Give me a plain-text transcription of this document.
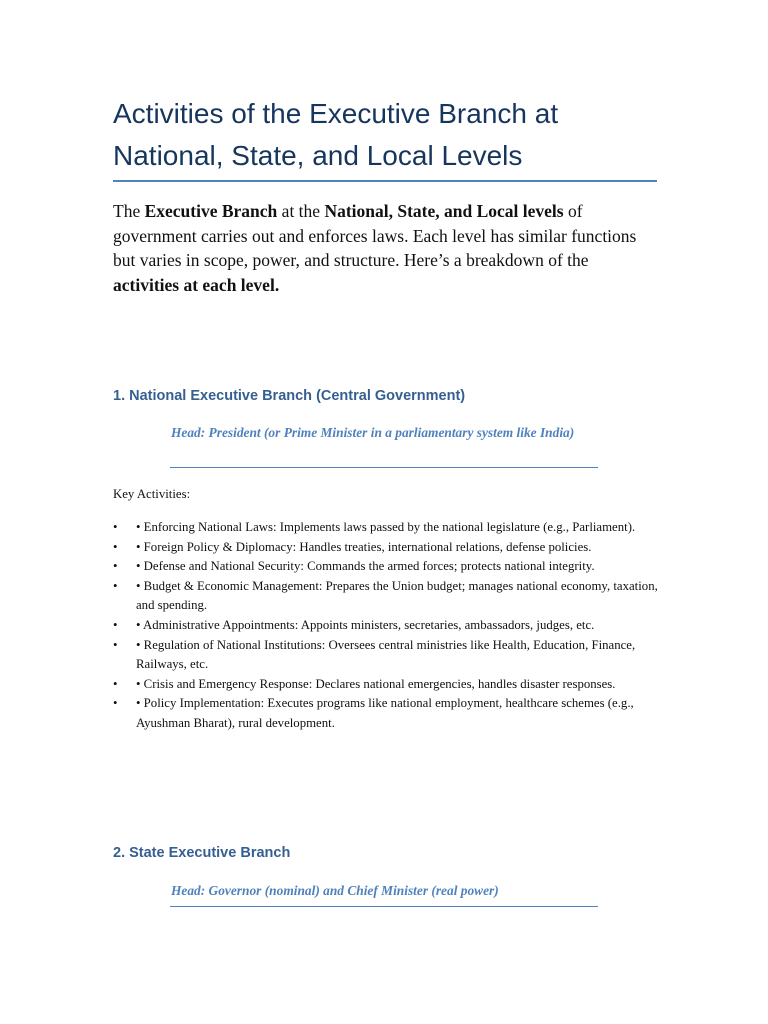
Activities of the Executive Branch at National, State, and Local Levels

The Executive Branch at the National, State, and Local levels of government carries out and enforces laws. Each level has similar functions but varies in scope, power, and structure. Here’s a breakdown of the activities at each level.

1. National Executive Branch (Central Government)

Head: President (or Prime Minister in a parliamentary system like India)

Key Activities:

• • Enforcing National Laws: Implements laws passed by the national legislature (e.g., Parliament).
• • Foreign Policy & Diplomacy: Handles treaties, international relations, defense policies.
• • Defense and National Security: Commands the armed forces; protects national integrity.
• • Budget & Economic Management: Prepares the Union budget; manages national economy, taxation, and spending.
• • Administrative Appointments: Appoints ministers, secretaries, ambassadors, judges, etc.
• • Regulation of National Institutions: Oversees central ministries like Health, Education, Finance, Railways, etc.
• • Crisis and Emergency Response: Declares national emergencies, handles disaster responses.
• • Policy Implementation: Executes programs like national employment, healthcare schemes (e.g., Ayushman Bharat), rural development.
2. State Executive Branch

Head: Governor (nominal) and Chief Minister (real power)
